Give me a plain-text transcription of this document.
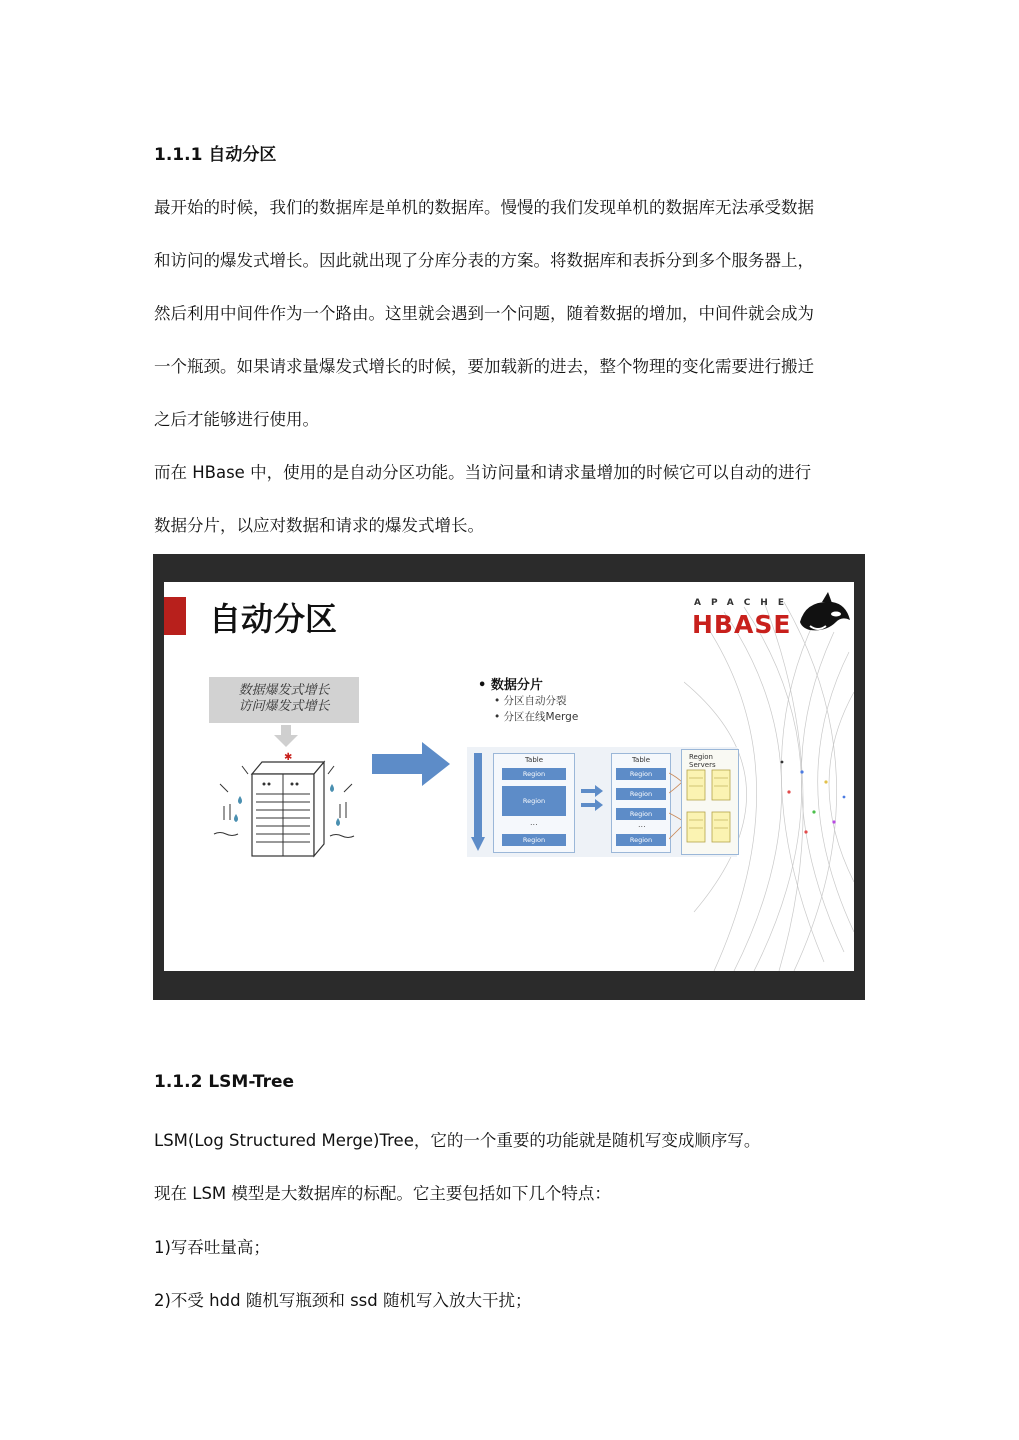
1.1.1 自动分区

最开始的时候，我们的数据库是单机的数据库。慢慢的我们发现单机的数据库无法承受数据

和访问的爆发式增长。因此就出现了分库分表的方案。将数据库和表拆分到多个服务器上，

然后利用中间件作为一个路由。这里就会遇到一个问题，随着数据的增加，中间件就会成为

一个瓶颈。如果请求量爆发式增长的时候，要加载新的进去，整个物理的变化需要进行搬迁

之后才能够进行使用。

而在 HBase 中，使用的是自动分区功能。当访问量和请求量增加的时候它可以自动的进行

数据分片，以应对数据和请求的爆发式增长。

自动分区	APACHE
HBASE
数据爆发式增长
访问爆发式增长
✱
• 数据分片
• 分区自动分裂
• 分区在线Merge
Table
Region
Region
...
Region
Table
Region
Region
Region
...
Region
Region Servers
1.1.2 LSM-Tree

LSM(Log Structured Merge)Tree，它的一个重要的功能就是随机写变成顺序写。

现在 LSM 模型是大数据库的标配。它主要包括如下几个特点：

1)写吞吐量高；

2)不受 hdd 随机写瓶颈和 ssd 随机写入放大干扰；
